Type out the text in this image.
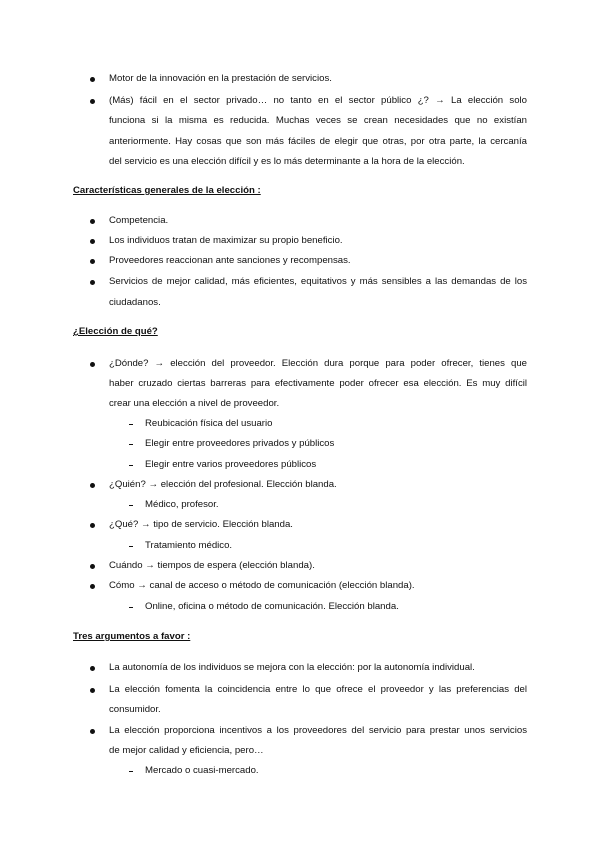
Motor de la innovación en la prestación de servicios.
(Más) fácil en el sector privado… no tanto en el sector público ¿? → La elección solo
funciona si la misma es reducida. Muchas veces se crean necesidades que no existían
anteriormente. Hay cosas que son más fáciles de elegir que otras, por otra parte, la cercanía
del servicio es una elección difícil y es lo más determinante a la hora de la elección.
Características generales de la elección :
Competencia.
Los individuos tratan de maximizar su propio beneficio.
Proveedores reaccionan ante sanciones y recompensas.
Servicios de mejor calidad, más eficientes, equitativos y más sensibles a las demandas de los
ciudadanos.
¿Elección de qué?
¿Dónde? → elección del proveedor. Elección dura porque para poder ofrecer, tienes que
haber cruzado ciertas barreras para efectivamente poder ofrecer esa elección. Es muy difícil
crear una elección a nivel de proveedor.
Reubicación física del usuario
Elegir entre proveedores privados y públicos
Elegir entre varios proveedores públicos
¿Quién? → elección del profesional. Elección blanda.
Médico, profesor.
¿Qué? → tipo de servicio. Elección blanda.
Tratamiento médico.
Cuándo → tiempos de espera (elección blanda).
Cómo → canal de acceso o método de comunicación (elección blanda).
Online, oficina o método de comunicación. Elección blanda.
Tres argumentos a favor :
La autonomía de los individuos se mejora con la elección: por la autonomía individual.
La elección fomenta la coincidencia entre lo que ofrece el proveedor y las preferencias del
consumidor.
La elección proporciona incentivos a los proveedores del servicio para prestar unos servicios
de mejor calidad y eficiencia, pero…
Mercado o cuasi-mercado.
